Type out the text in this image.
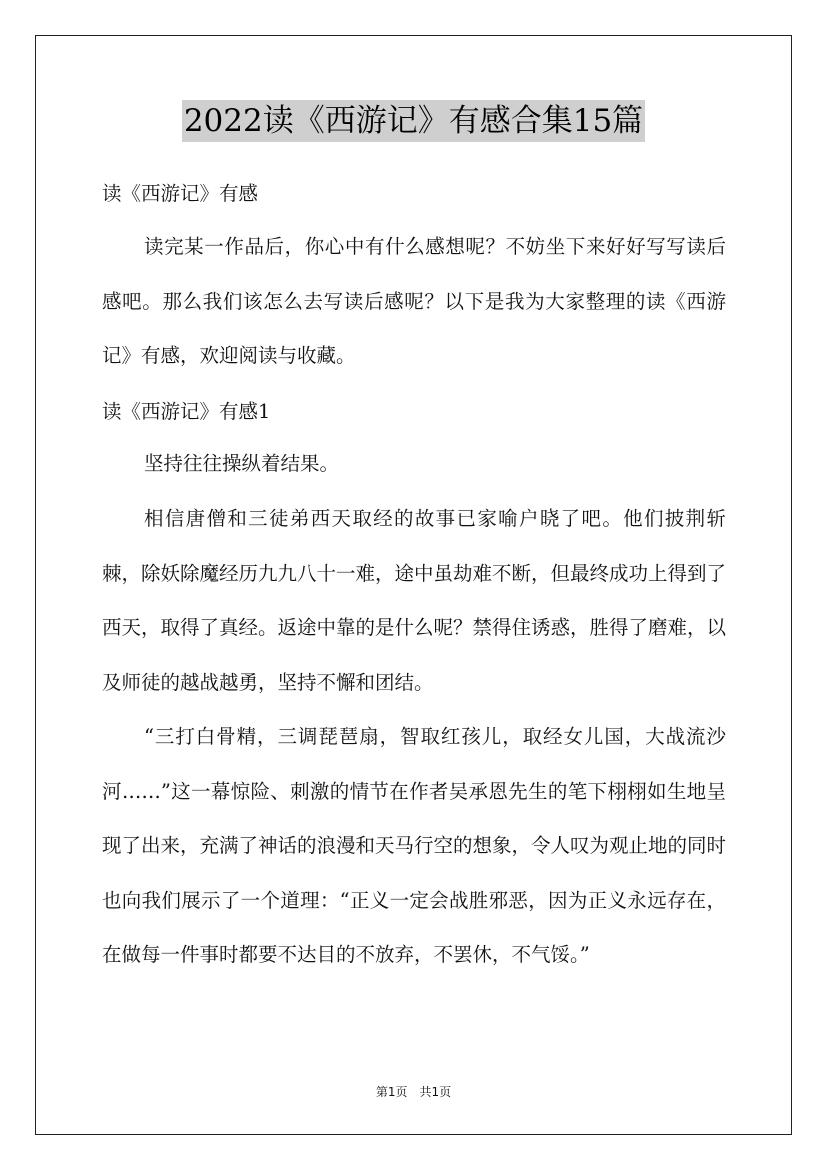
2022读《西游记》有感合集15篇
读《西游记》有感
读完某一作品后，你心中有什么感想呢？不妨坐下来好好写写读后感吧。那么我们该怎么去写读后感呢？以下是我为大家整理的读《西游记》有感，欢迎阅读与收藏。
读《西游记》有感1
坚持往往操纵着结果。
相信唐僧和三徒弟西天取经的故事已家喻户晓了吧。他们披荆斩棘，除妖除魔经历九九八十一难，途中虽劫难不断，但最终成功上得到了西天，取得了真经。返途中靠的是什么呢？禁得住诱惑，胜得了磨难，以及师徒的越战越勇，坚持不懈和团结。
“三打白骨精，三调琵琶扇，智取红孩儿，取经女儿国，大战流沙河……”这一幕惊险、刺激的情节在作者吴承恩先生的笔下栩栩如生地呈现了出来，充满了神话的浪漫和天马行空的想象，令人叹为观止地的同时也向我们展示了一个道理：“正义一定会战胜邪恶，因为正义永远存在，在做每一件事时都要不达目的不放弃，不罢休，不气馁。”
第1页　共1页
